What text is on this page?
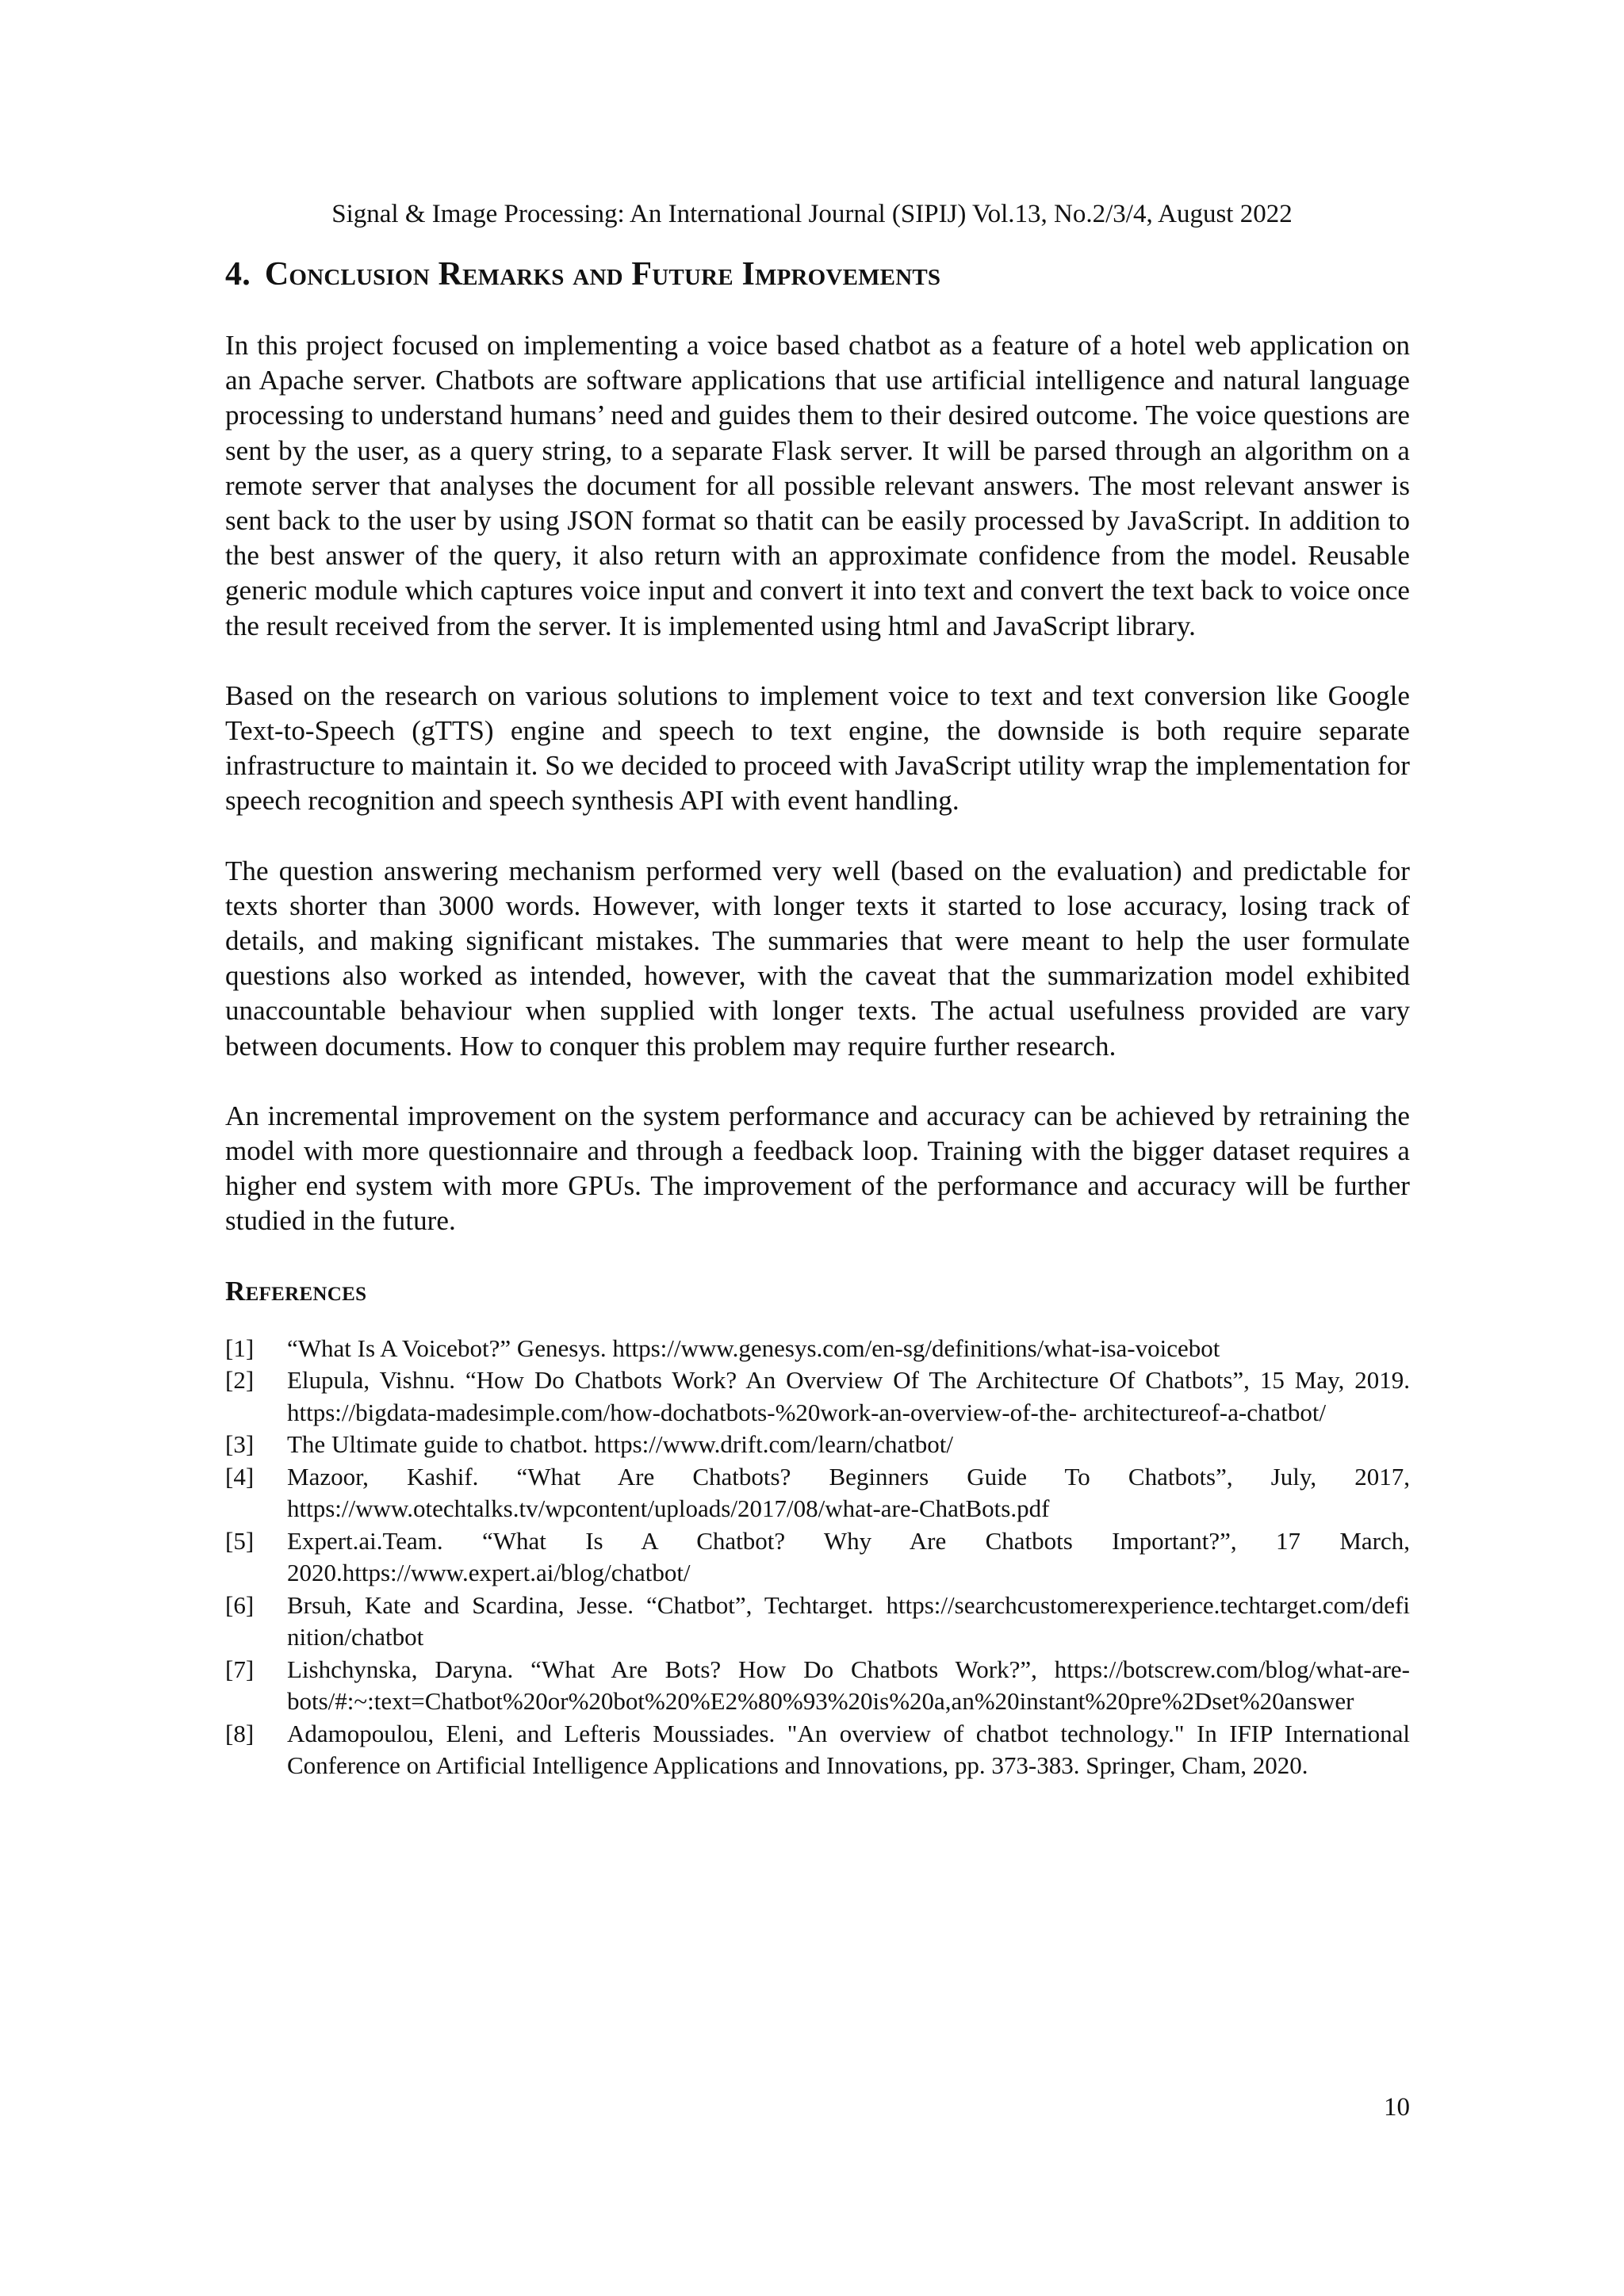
Signal & Image Processing: An International Journal (SIPIJ) Vol.13, No.2/3/4, August 2022
4. Conclusion Remarks and Future Improvements

In this project focused on implementing a voice based chatbot as a feature of a hotel web application on an Apache server. Chatbots are software applications that use artificial intelligence and natural language processing to understand humans’ need and guides them to their desired outcome. The voice questions are sent by the user, as a query string, to a separate Flask server. It will be parsed through an algorithm on a remote server that analyses the document for all possible relevant answers. The most relevant answer is sent back to the user by using JSON format so thatit can be easily processed by JavaScript. In addition to the best answer of the query, it also return with an approximate confidence from the model. Reusable generic module which captures voice input and convert it into text and convert the text back to voice once the result received from the server. It is implemented using html and JavaScript library.

Based on the research on various solutions to implement voice to text and text conversion like Google Text-to-Speech (gTTS) engine and speech to text engine, the downside is both require separate infrastructure to maintain it. So we decided to proceed with JavaScript utility wrap the implementation for speech recognition and speech synthesis API with event handling.

The question answering mechanism performed very well (based on the evaluation) and predictable for texts shorter than 3000 words. However, with longer texts it started to lose accuracy, losing track of details, and making significant mistakes. The summaries that were meant to help the user formulate questions also worked as intended, however, with the caveat that the summarization model exhibited unaccountable behaviour when supplied with longer texts. The actual usefulness provided are vary between documents. How to conquer this problem may require further research.

An incremental improvement on the system performance and accuracy can be achieved by retraining the model with more questionnaire and through a feedback loop. Training with the bigger dataset requires a higher end system with more GPUs. The improvement of the performance and accuracy will be further studied in the future.

References
[1]	“What Is A Voicebot?” Genesys. https://www.genesys.com/en-sg/definitions/what-isa-voicebot
[2]	Elupula, Vishnu. “How Do Chatbots Work? An Overview Of The Architecture Of Chatbots”, 15 May, 2019. https://bigdata-madesimple.com/how-dochatbots-%20work-an-overview-of-the- architectureof-a-chatbot/
[3]	The Ultimate guide to chatbot. https://www.drift.com/learn/chatbot/
[4]	Mazoor, Kashif. “What Are Chatbots? Beginners Guide To Chatbots”, July, 2017, https://www.otechtalks.tv/wpcontent/uploads/2017/08/what-are-ChatBots.pdf
[5]	Expert.ai.Team. “What Is A Chatbot? Why Are Chatbots Important?”, 17 March, 2020.https://www.expert.ai/blog/chatbot/
[6]	Brsuh, Kate and Scardina, Jesse. “Chatbot”, Techtarget. https://searchcustomerexperience.techtarget.com/defi nition/chatbot
[7]	Lishchynska, Daryna. “What Are Bots? How Do Chatbots Work?”, https://botscrew.com/blog/what-are-bots/#:~:text=Chatbot%20or%20bot%20%E2%80%93%20is%20a,an%20instant%20pre%2Dset%20answer
[8]	Adamopoulou, Eleni, and Lefteris Moussiades. "An overview of chatbot technology." In IFIP International Conference on Artificial Intelligence Applications and Innovations, pp. 373-383. Springer, Cham, 2020.
10
